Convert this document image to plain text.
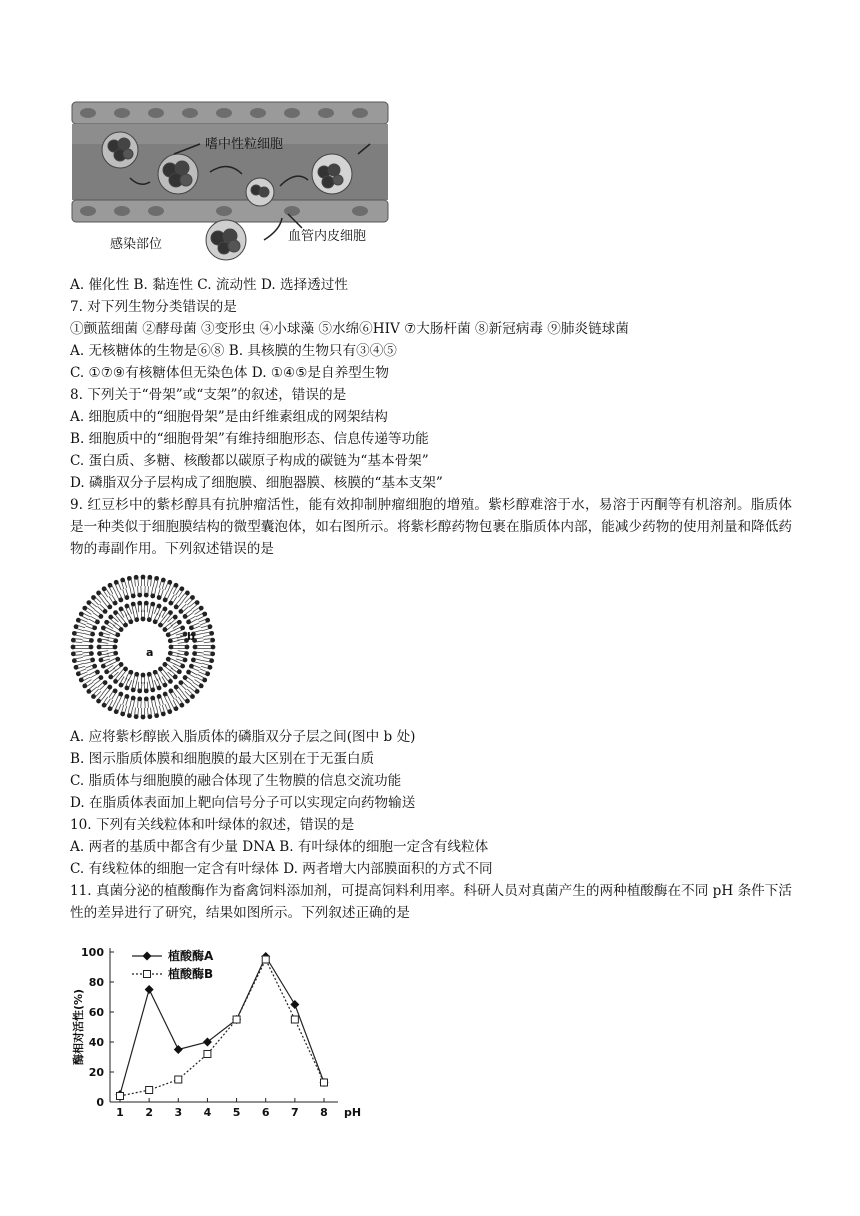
嗜中性粒细胞
感染部位
血管内皮细胞
A. 催化性 B. 黏连性 C. 流动性 D. 选择透过性
7. 对下列生物分类错误的是
①颤蓝细菌 ②酵母菌 ③变形虫 ④小球藻 ⑤水绵⑥HIV ⑦大肠杆菌 ⑧新冠病毒 ⑨肺炎链球菌
A. 无核糖体的生物是⑥⑧ B. 具核膜的生物只有③④⑤
C. ①⑦⑨有核糖体但无染色体 D. ①④⑤是自养型生物
8. 下列关于“骨架”或“支架”的叙述，错误的是
A. 细胞质中的“细胞骨架”是由纤维素组成的网架结构
B. 细胞质中的“细胞骨架”有维持细胞形态、信息传递等功能
C. 蛋白质、多糖、核酸都以碳原子构成的碳链为“基本骨架”
D. 磷脂双分子层构成了细胞膜、细胞器膜、核膜的“基本支架”
9. 红豆杉中的紫杉醇具有抗肿瘤活性，能有效抑制肿瘤细胞的增殖。紫杉醇难溶于水，易溶于丙酮等有机溶剂。脂质体是一种类似于细胞膜结构的微型囊泡体，如右图所示。将紫杉醇药物包裹在脂质体内部，能减少药物的使用剂量和降低药物的毒副作用。下列叙述错误的是
a
b
A. 应将紫杉醇嵌入脂质体的磷脂双分子层之间(图中 b 处)
B. 图示脂质体膜和细胞膜的最大区别在于无蛋白质
C. 脂质体与细胞膜的融合体现了生物膜的信息交流功能
D. 在脂质体表面加上靶向信号分子可以实现定向药物输送
10. 下列有关线粒体和叶绿体的叙述，错误的是
A. 两者的基质中都含有少量 DNA B. 有叶绿体的细胞一定含有线粒体
C. 有线粒体的细胞一定含有叶绿体 D. 两者增大内部膜面积的方式不同
11. 真菌分泌的植酸酶作为畜禽饲料添加剂，可提高饲料利用率。科研人员对真菌产生的两种植酸酶在不同 pH 条件下活性的差异进行了研究，结果如图所示。下列叙述正确的是
0
20
40
60
80
100
1 2 3 4 5 6 7 8 pH
酶相对活性(%)
植酸酶A
植酸酶B
